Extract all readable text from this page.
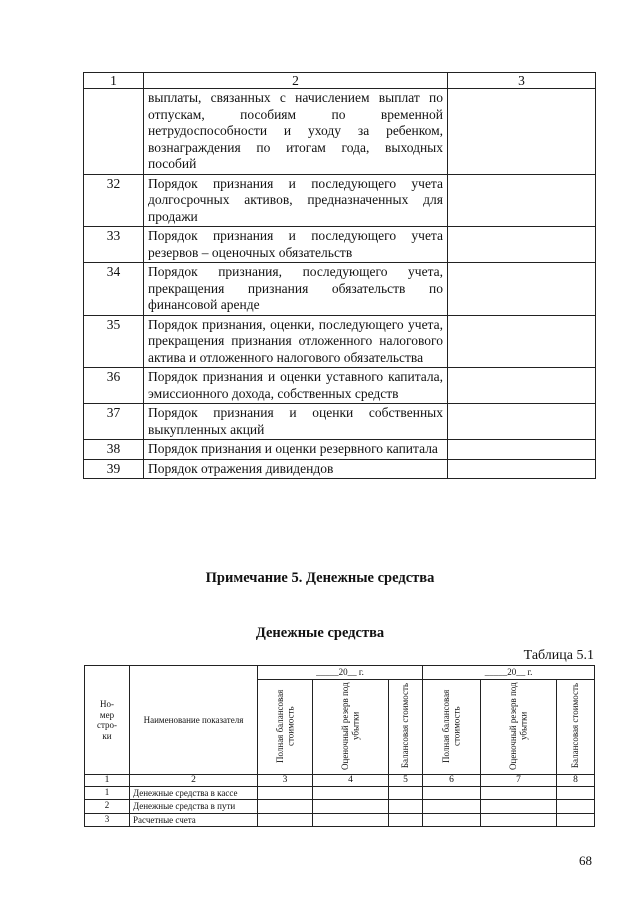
1	2	3
	выплаты, связанных с начислением выплат по отпускам, пособиям по временной нетрудоспособности и уходу за ребенком, вознаграждения по итогам года, выходных пособий	
32	Порядок признания и последующего учета долгосрочных активов, предназначенных для продажи	
33	Порядок признания и последующего учета резервов – оценочных обязательств	
34	Порядок признания, последующего учета, прекращения признания обязательств по финансовой аренде	
35	Порядок признания, оценки, последующего учета, прекращения признания отложенного налогового актива и отложенного налогового обязательства	
36	Порядок признания и оценки уставного капитала, эмиссионного дохода, собственных средств	
37	Порядок признания и оценки собственных выкупленных акций	
38	Порядок признания и оценки резервного капитала	
39	Порядок отражения дивидендов	
Примечание 5. Денежные средства
Денежные средства
Таблица 5.1
Но-
мер
стро-
ки	Наименование показателя	_____20__ г.			_____20__ г.		
		Полная балансовая стоимость	Оценочный резерв под убытки	Балансовая стоимость	Полная балансовая стоимость	Оценочный резерв под убытки	Балансовая стоимость
1	2	3	4	5	6	7	8
1	Денежные средства в кассе						
2	Денежные средства в пути						
3	Расчетные счета						
68
